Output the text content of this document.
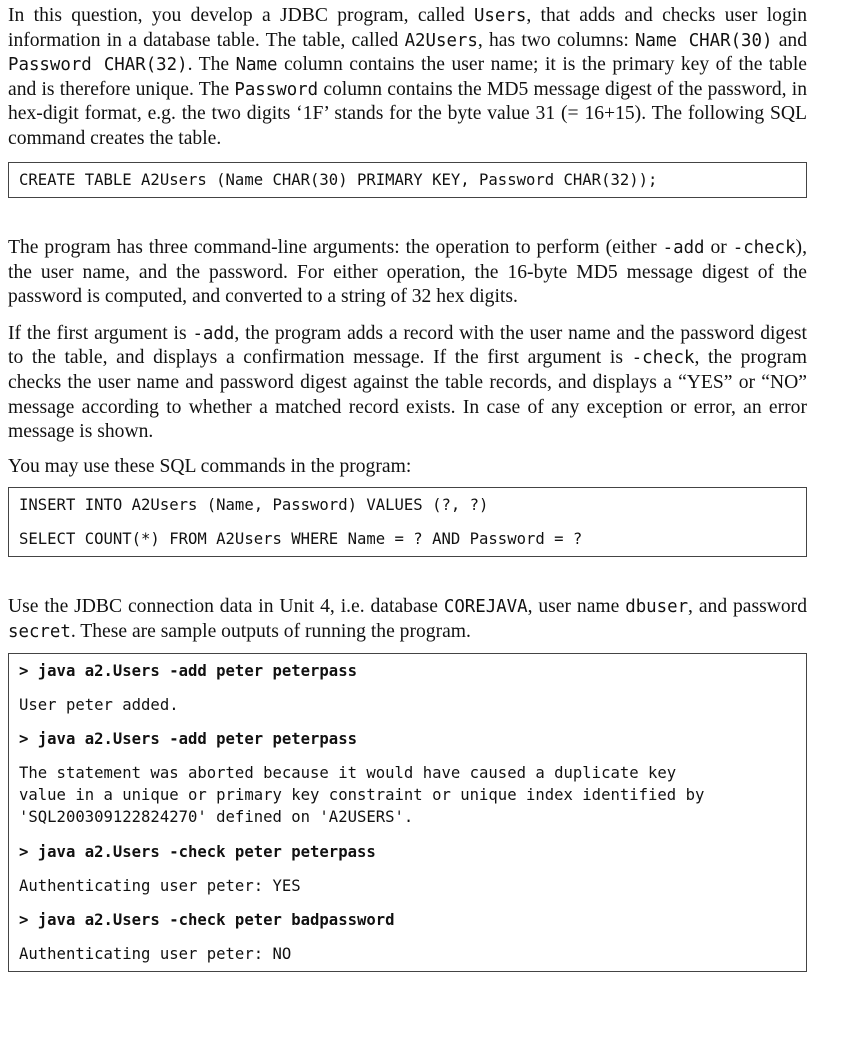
In this question, you develop a JDBC program, called Users, that adds and checks user login information in a database table. The table, called A2Users, has two columns: Name CHAR(30) and Password CHAR(32). The Name column contains the user name; it is the primary key of the table and is therefore unique. The Password column contains the MD5 message digest of the password, in hex-digit format, e.g. the two digits ‘1F’ stands for the byte value 31 (= 16+15). The following SQL command creates the table.

CREATE TABLE A2Users (Name CHAR(30) PRIMARY KEY, Password CHAR(32));

The program has three command-line arguments: the operation to perform (either -add or -check), the user name, and the password. For either operation, the 16-byte MD5 message digest of the password is computed, and converted to a string of 32 hex digits.

If the first argument is -add, the program adds a record with the user name and the password digest to the table, and displays a confirmation message. If the first argument is -check, the program checks the user name and password digest against the table records, and displays a “YES” or “NO” message according to whether a matched record exists. In case of any exception or error, an error message is shown.

You may use these SQL commands in the program:

INSERT INTO A2Users (Name, Password) VALUES (?, ?)
SELECT COUNT(*) FROM A2Users WHERE Name = ? AND Password = ?

Use the JDBC connection data in Unit 4, i.e. database COREJAVA, user name dbuser, and password secret. These are sample outputs of running the program.

> java a2.Users -add peter peterpass
User peter added.
> java a2.Users -add peter peterpass
The statement was aborted because it would have caused a duplicate key
value in a unique or primary key constraint or unique index identified by
'SQL200309122824270' defined on 'A2USERS'.
> java a2.Users -check peter peterpass
Authenticating user peter: YES
> java a2.Users -check peter badpassword
Authenticating user peter: NO
